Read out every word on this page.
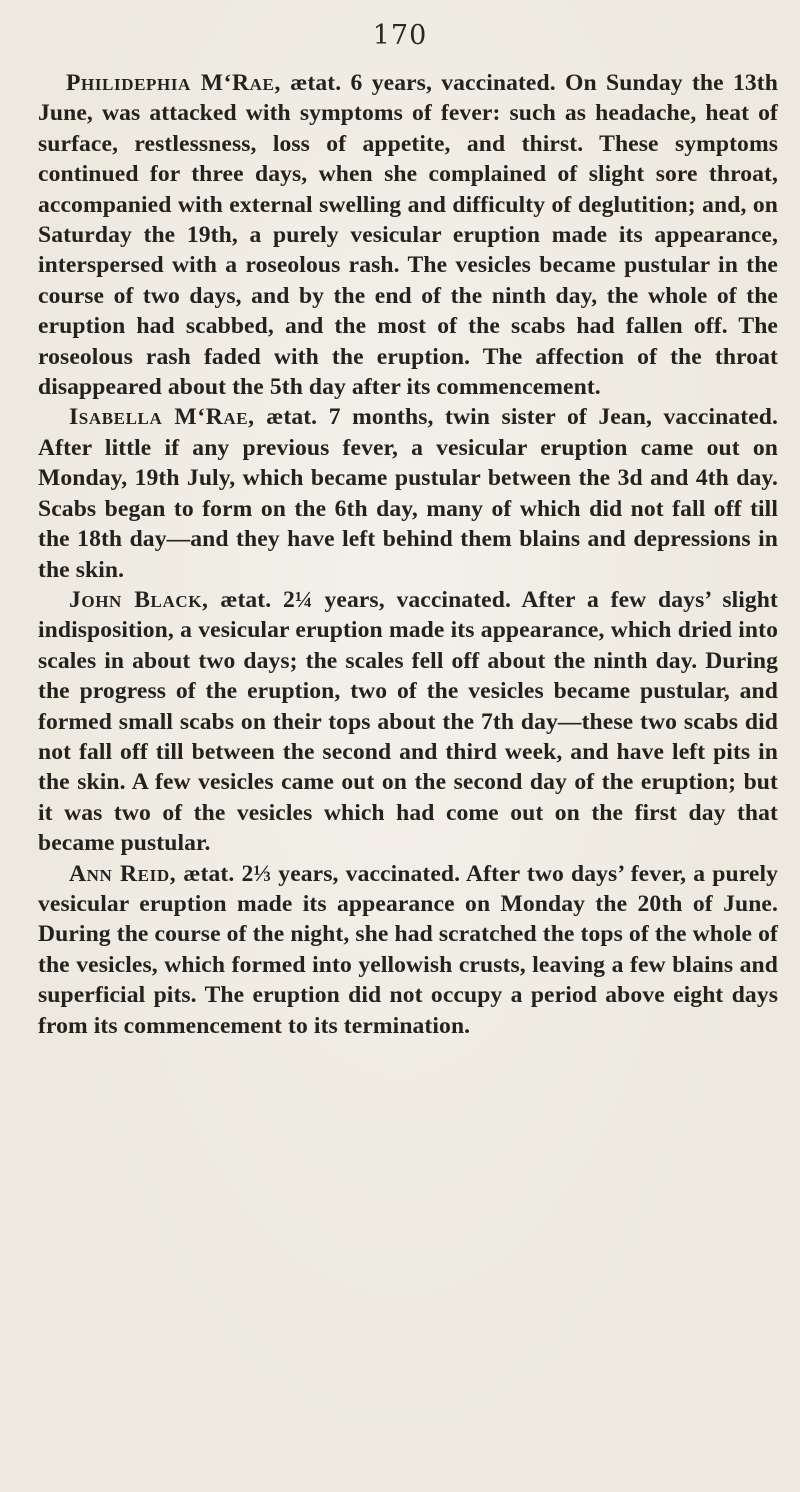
170

Philidephia M‘Rae, ætat. 6 years, vaccinated. On Sunday the 13th June, was attacked with symptoms of fever: such as headache, heat of surface, restlessness, loss of appetite, and thirst. These symptoms continued for three days, when she complained of slight sore throat, accompanied with external swelling and difficulty of deglutition; and, on Saturday the 19th, a purely vesicular eruption made its appearance, interspersed with a roseolous rash. The vesicles became pustular in the course of two days, and by the end of the ninth day, the whole of the eruption had scabbed, and the most of the scabs had fallen off. The roseolous rash faded with the eruption. The affection of the throat disappeared about the 5th day after its commencement.

Isabella M‘Rae, ætat. 7 months, twin sister of Jean, vaccinated. After little if any previous fever, a vesicular eruption came out on Monday, 19th July, which became pustular between the 3d and 4th day. Scabs began to form on the 6th day, many of which did not fall off till the 18th day—and they have left behind them blains and depressions in the skin.

John Black, ætat. 2¼ years, vaccinated. After a few days’ slight indisposition, a vesicular eruption made its appearance, which dried into scales in about two days; the scales fell off about the ninth day. During the progress of the eruption, two of the vesicles became pustular, and formed small scabs on their tops about the 7th day—these two scabs did not fall off till between the second and third week, and have left pits in the skin. A few vesicles came out on the second day of the eruption; but it was two of the vesicles which had come out on the first day that became pustular.

Ann Reid, ætat. 2⅓ years, vaccinated. After two days’ fever, a purely vesicular eruption made its appearance on Monday the 20th of June. During the course of the night, she had scratched the tops of the whole of the vesicles, which formed into yellowish crusts, leaving a few blains and superficial pits. The eruption did not occupy a period above eight days from its commencement to its termination.
